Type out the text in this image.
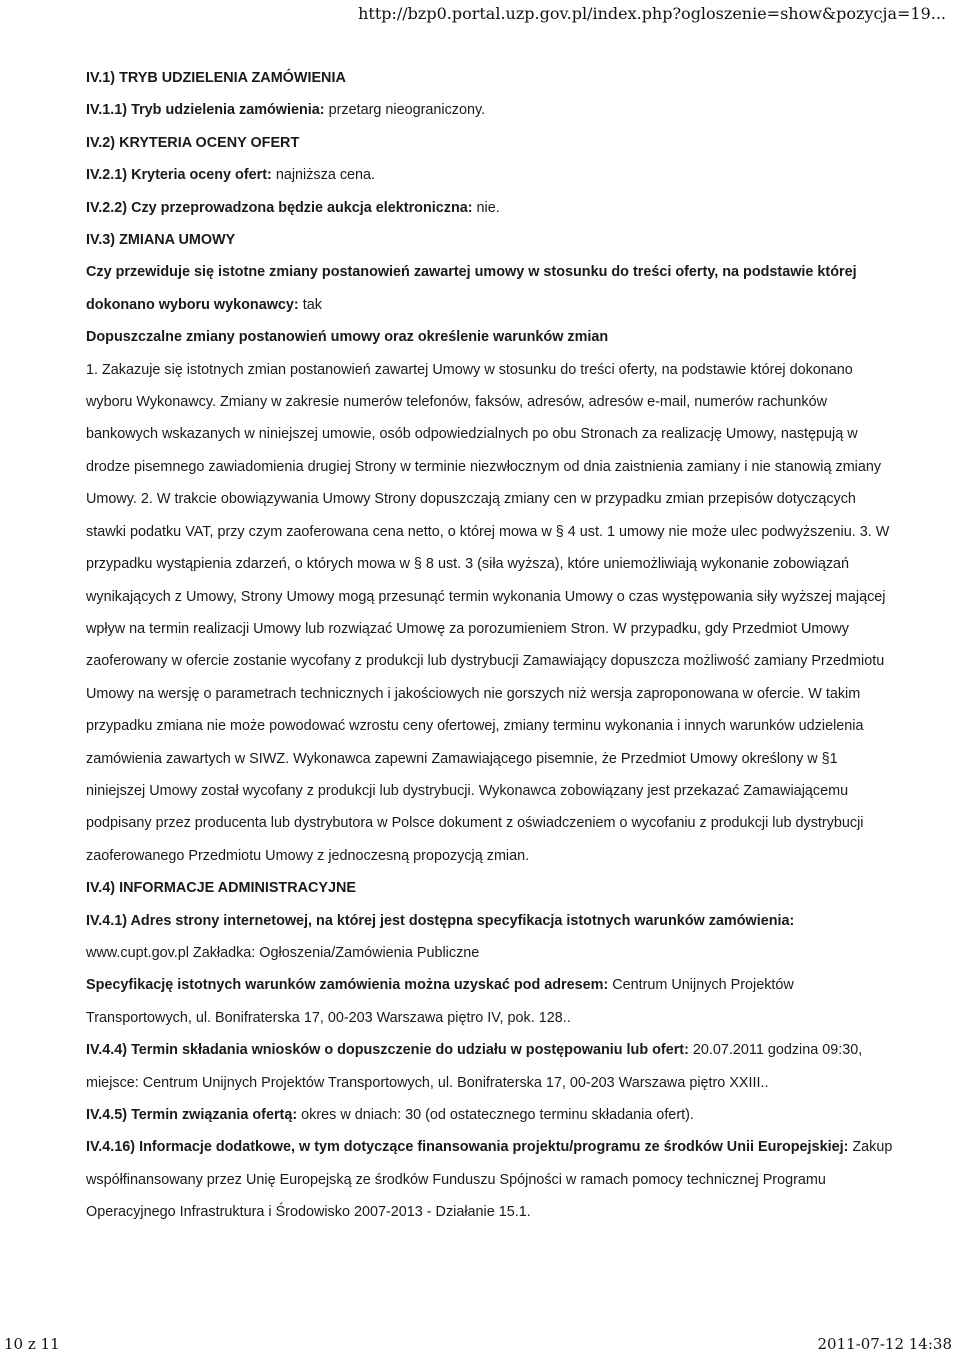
http://bzp0.portal.uzp.gov.pl/index.php?ogloszenie=show&pozycja=19...

IV.1) TRYB UDZIELENIA ZAMÓWIENIA

IV.1.1) Tryb udzielenia zamówienia: przetarg nieograniczony.

IV.2) KRYTERIA OCENY OFERT

IV.2.1) Kryteria oceny ofert: najniższa cena.

IV.2.2) Czy przeprowadzona będzie aukcja elektroniczna: nie.

IV.3) ZMIANA UMOWY

Czy przewiduje się istotne zmiany postanowień zawartej umowy w stosunku do treści oferty, na podstawie której dokonano wyboru wykonawcy: tak

Dopuszczalne zmiany postanowień umowy oraz określenie warunków zmian

1. Zakazuje się istotnych zmian postanowień zawartej Umowy w stosunku do treści oferty, na podstawie której dokonano wyboru Wykonawcy. Zmiany w zakresie numerów telefonów, faksów, adresów, adresów e-mail, numerów rachunków bankowych wskazanych w niniejszej umowie, osób odpowiedzialnych po obu Stronach za realizację Umowy, następują w drodze pisemnego zawiadomienia drugiej Strony w terminie niezwłocznym od dnia zaistnienia zamiany i nie stanowią zmiany Umowy. 2. W trakcie obowiązywania Umowy Strony dopuszczają zmiany cen w przypadku zmian przepisów dotyczących stawki podatku VAT, przy czym zaoferowana cena netto, o której mowa w § 4 ust. 1 umowy nie może ulec podwyższeniu. 3. W przypadku wystąpienia zdarzeń, o których mowa w § 8 ust. 3 (siła wyższa), które uniemożliwiają wykonanie zobowiązań wynikających z Umowy, Strony Umowy mogą przesunąć termin wykonania Umowy o czas występowania siły wyższej mającej wpływ na termin realizacji Umowy lub rozwiązać Umowę za porozumieniem Stron. W przypadku, gdy Przedmiot Umowy zaoferowany w ofercie zostanie wycofany z produkcji lub dystrybucji Zamawiający dopuszcza możliwość zamiany Przedmiotu Umowy na wersję o parametrach technicznych i jakościowych nie gorszych niż wersja zaproponowana w ofercie. W takim przypadku zmiana nie może powodować wzrostu ceny ofertowej, zmiany terminu wykonania i innych warunków udzielenia zamówienia zawartych w SIWZ. Wykonawca zapewni Zamawiającego pisemnie, że Przedmiot Umowy określony w §1 niniejszej Umowy został wycofany z produkcji lub dystrybucji. Wykonawca zobowiązany jest przekazać Zamawiającemu podpisany przez producenta lub dystrybutora w Polsce dokument z oświadczeniem o wycofaniu z produkcji lub dystrybucji zaoferowanego Przedmiotu Umowy z jednoczesną propozycją zmian.

IV.4) INFORMACJE ADMINISTRACYJNE

IV.4.1) Adres strony internetowej, na której jest dostępna specyfikacja istotnych warunków zamówienia: www.cupt.gov.pl Zakładka: Ogłoszenia/Zamówienia Publiczne

Specyfikację istotnych warunków zamówienia można uzyskać pod adresem: Centrum Unijnych Projektów Transportowych, ul. Bonifraterska 17, 00-203 Warszawa piętro IV, pok. 128..

IV.4.4) Termin składania wniosków o dopuszczenie do udziału w postępowaniu lub ofert: 20.07.2011 godzina 09:30, miejsce: Centrum Unijnych Projektów Transportowych, ul. Bonifraterska 17, 00-203 Warszawa piętro XXIII..

IV.4.5) Termin związania ofertą: okres w dniach: 30 (od ostatecznego terminu składania ofert).

IV.4.16) Informacje dodatkowe, w tym dotyczące finansowania projektu/programu ze środków Unii Europejskiej: Zakup współfinansowany przez Unię Europejską ze środków Funduszu Spójności w ramach pomocy technicznej Programu Operacyjnego Infrastruktura i Środowisko 2007-2013 - Działanie 15.1.

10 z 11	2011-07-12 14:38
